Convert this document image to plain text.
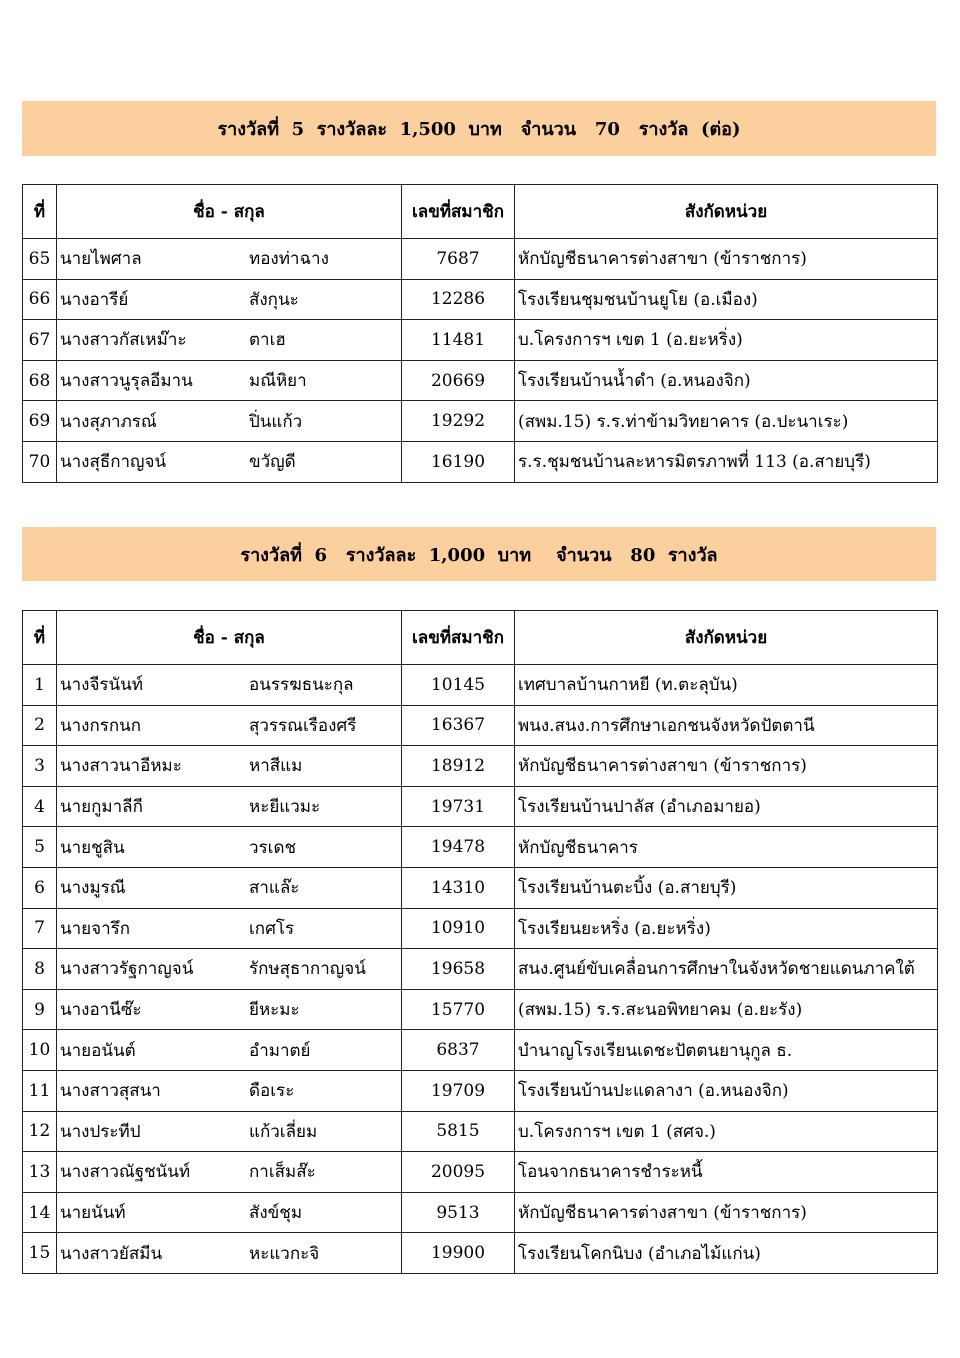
รางวัลที่  5  รางวัลละ  1,500  บาท   จำนวน   70   รางวัล  (ต่อ)
ที่	ชื่อ - สกุล	เลขที่สมาชิก	สังกัดหน่วย
65	นายไพศาล ทองท่าฉาง	7687	หักบัญชีธนาคารต่างสาขา (ข้าราชการ)
66	นางอารีย์ สังกุนะ	12286	โรงเรียนชุมชนบ้านยูโย (อ.เมือง)
67	นางสาวกัสเหม๊าะ ตาเฮ	11481	บ.โครงการฯ เขต 1 (อ.ยะหริ่ง)
68	นางสาวนูรุลอีมาน มณีหิยา	20669	โรงเรียนบ้านน้ำดำ (อ.หนองจิก)
69	นางสุภาภรณ์ ปิ่นแก้ว	19292	(สพม.15) ร.ร.ท่าข้ามวิทยาคาร (อ.ปะนาเระ)
70	นางสุธีกาญจน์ ขวัญดี	16190	ร.ร.ชุมชนบ้านละหารมิตรภาพที่ 113 (อ.สายบุรี)
รางวัลที่  6   รางวัลละ  1,000  บาท    จำนวน   80  รางวัล
ที่	ชื่อ - สกุล	เลขที่สมาชิก	สังกัดหน่วย
1	นางจีรนันท์ อนรรฆธนะกุล	10145	เทศบาลบ้านกาหยี (ท.ตะลุบัน)
2	นางกรกนก สุวรรณเรืองศรี	16367	พนง.สนง.การศึกษาเอกชนจังหวัดปัตตานี
3	นางสาวนาอีหมะ หาสีแม	18912	หักบัญชีธนาคารต่างสาขา (ข้าราชการ)
4	นายกูมาลีกี หะยีแวมะ	19731	โรงเรียนบ้านปาลัส (อำเภอมายอ)
5	นายชูสิน วรเดช	19478	หักบัญชีธนาคาร
6	นางมูรณี สาแล๊ะ	14310	โรงเรียนบ้านตะบิ้ง (อ.สายบุรี)
7	นายจารึก เกศโร	10910	โรงเรียนยะหริ่ง (อ.ยะหริ่ง)
8	นางสาวรัฐกาญจน์ รักษสุธากาญจน์	19658	สนง.ศูนย์ขับเคลื่อนการศึกษาในจังหวัดชายแดนภาคใต้
9	นางอานีซ๊ะ ยีหะมะ	15770	(สพม.15) ร.ร.สะนอพิทยาคม (อ.ยะรัง)
10	นายอนันต์ อำมาตย์	6837	บำนาญโรงเรียนเดชะปัตตนยานุกูล ธ.
11	นางสาวสุสนา ดือเระ	19709	โรงเรียนบ้านปะแดลางา (อ.หนองจิก)
12	นางประทีป แก้วเลี่ยม	5815	บ.โครงการฯ เขต 1 (สศจ.)
13	นางสาวณัฐชนันท์ กาเส็มส๊ะ	20095	โอนจากธนาคารชำระหนี้
14	นายนันท์ สังข์ชุม	9513	หักบัญชีธนาคารต่างสาขา (ข้าราชการ)
15	นางสาวยัสมีน หะแวกะจิ	19900	โรงเรียนโคกนิบง (อำเภอไม้แก่น)
